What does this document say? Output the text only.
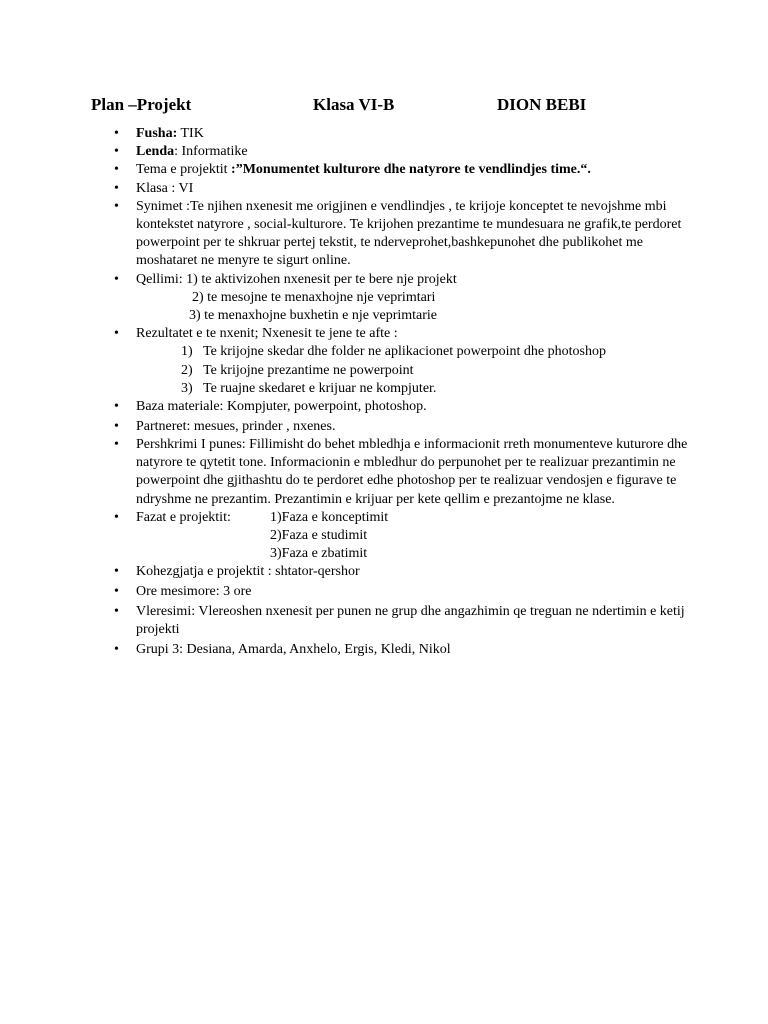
Plan –Projekt	Klasa VI-B	DION BEBI
• Fusha: TIK
• Lenda: Informatike
• Tema e projektit :”Monumentet kulturore dhe natyrore te vendlindjes time.“.
• Klasa : VI
• Synimet :Te njihen nxenesit me origjinen e vendlindjes , te krijoje konceptet te nevojshme mbi kontekstet natyrore , social-kulturore. Te krijohen prezantime te mundesuara ne grafik,te perdoret powerpoint per te shkruar pertej tekstit, te nderveprohet,bashkepunohet dhe publikohet me moshataret ne menyre te sigurt online.
• Qellimi: 1) te aktivizohen nxenesit per te bere nje projekt
2) te mesojne te menaxhojne nje veprimtari
3) te menaxhojne buxhetin e nje veprimtarie
• Rezultatet e te nxenit; Nxenesit te jene te afte :
1) Te krijojne skedar dhe folder ne aplikacionet powerpoint dhe photoshop
2) Te krijojne prezantime ne powerpoint
3) Te ruajne skedaret e krijuar ne kompjuter.
• Baza materiale: Kompjuter, powerpoint, photoshop.
• Partneret: mesues, prinder , nxenes.
• Pershkrimi I punes: Fillimisht do behet mbledhja e informacionit rreth monumenteve kuturore dhe natyrore te qytetit tone. Informacionin e mbledhur do perpunohet per te realizuar prezantimin ne powerpoint dhe gjithashtu do te perdoret edhe photoshop per te realizuar vendosjen e figurave te ndryshme ne prezantim. Prezantimin e krijuar per kete qellim e prezantojme ne klase.
• Fazat e projektit:	1)Faza e konceptimit
2)Faza e studimit
3)Faza e zbatimit
• Kohezgjatja e projektit : shtator-qershor
• Ore mesimore: 3 ore
• Vleresimi: Vlereoshen nxenesit per punen ne grup dhe angazhimin qe treguan ne ndertimin e ketij projekti
• Grupi 3: Desiana, Amarda, Anxhelo, Ergis, Kledi, Nikol
